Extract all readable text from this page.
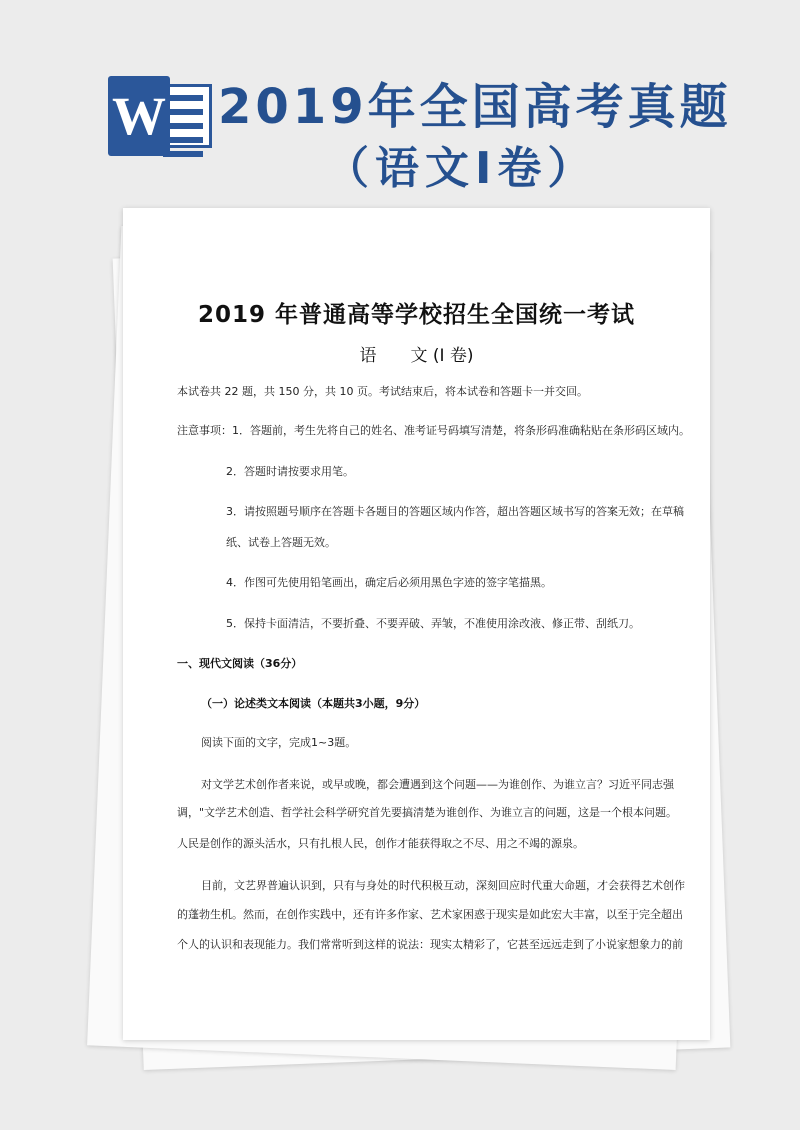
W 2019年全国高考真题
（语文Ⅰ卷）
2019 年普通高等学校招生全国统一考试

语　　文 (I 卷)

本试卷共 22 题，共 150 分，共 10 页。考试结束后，将本试卷和答题卡一并交回。

注意事项：1．答题前，考生先将自己的姓名、准考证号码填写清楚，将条形码准确粘贴在条形码区域内。

2．答题时请按要求用笔。

3．请按照题号顺序在答题卡各题目的答题区域内作答，超出答题区域书写的答案无效；在草稿

纸、试卷上答题无效。

4．作图可先使用铅笔画出，确定后必须用黑色字迹的签字笔描黑。

5．保持卡面清洁，不要折叠、不要弄破、弄皱，不准使用涂改液、修正带、刮纸刀。

一、现代文阅读（36分）

（一）论述类文本阅读（本题共3小题，9分）

阅读下面的文字，完成1~3题。

对文学艺术创作者来说，或早或晚，都会遭遇到这个问题——为谁创作、为谁立言？习近平同志强

调，"文学艺术创造、哲学社会科学研究首先要搞清楚为谁创作、为谁立言的问题，这是一个根本问题。

人民是创作的源头活水，只有扎根人民，创作才能获得取之不尽、用之不竭的源泉。

目前，文艺界普遍认识到，只有与身处的时代积极互动，深刻回应时代重大命题，才会获得艺术创作

的蓬勃生机。然而，在创作实践中，还有许多作家、艺术家困惑于现实是如此宏大丰富，以至于完全超出

个人的认识和表现能力。我们常常听到这样的说法：现实太精彩了，它甚至远远走到了小说家想象力的前
